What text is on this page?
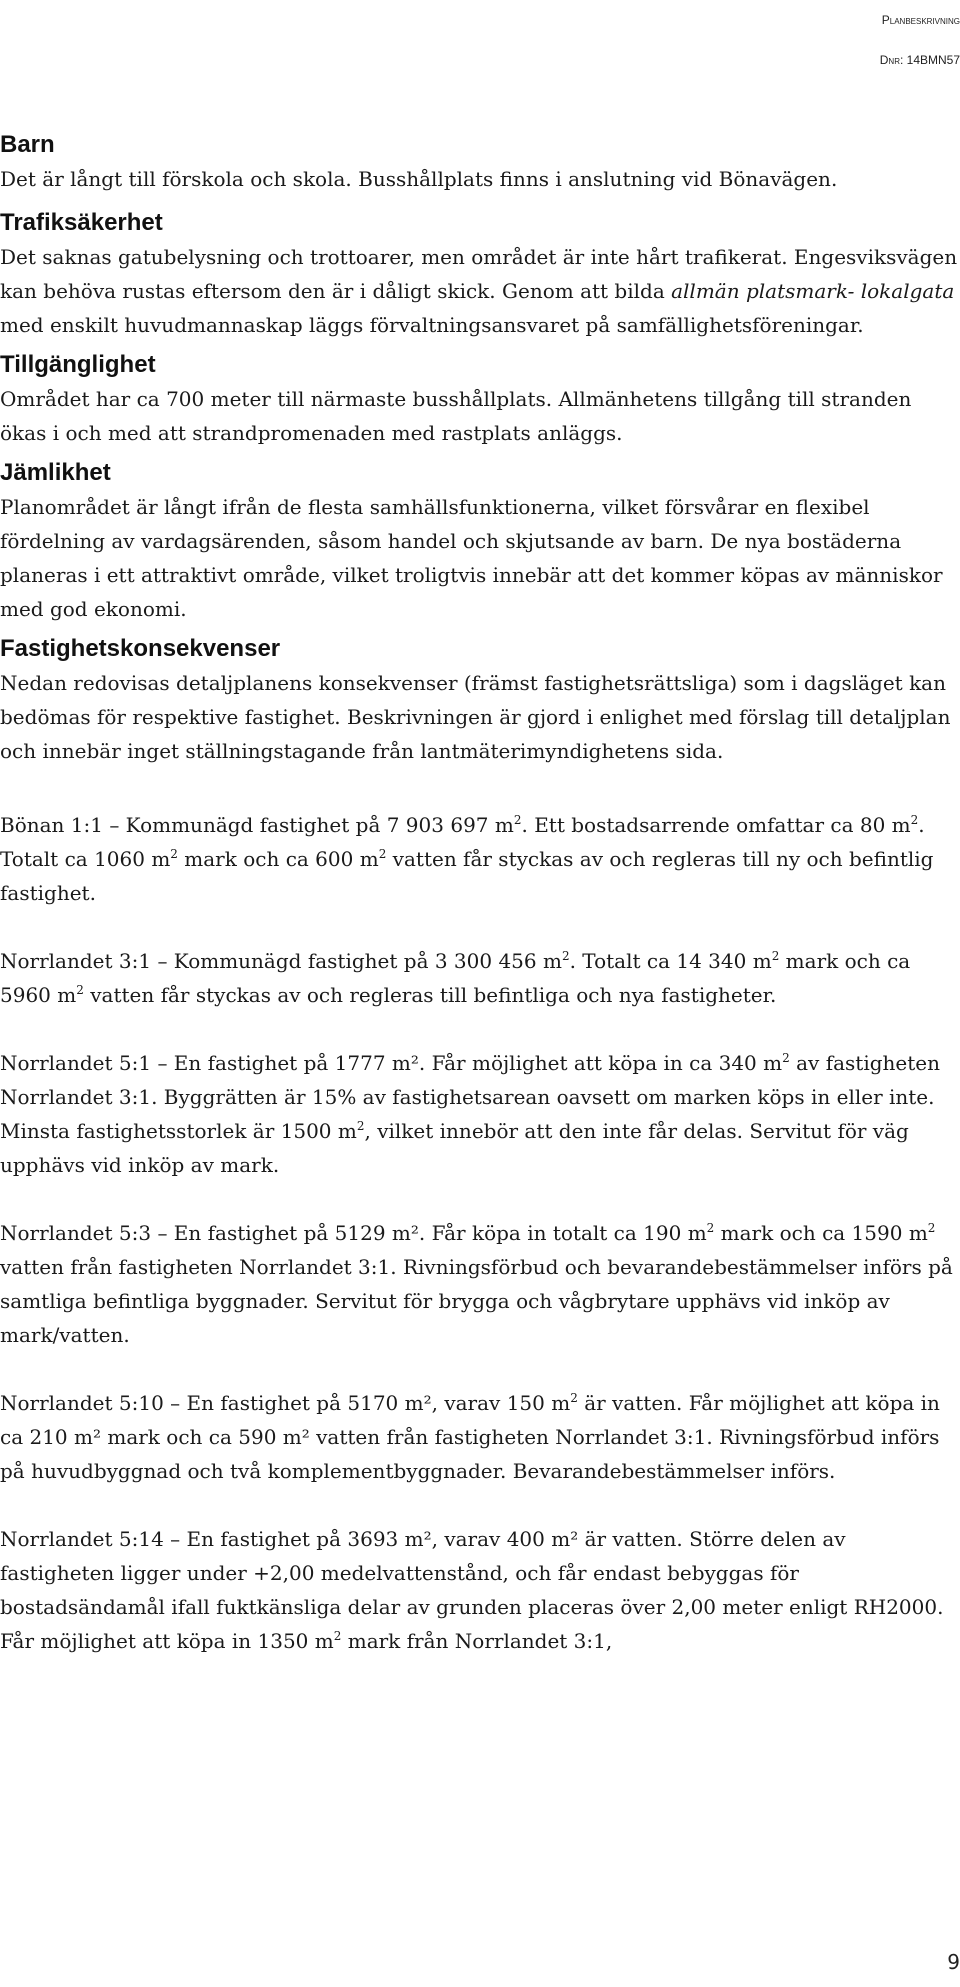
Planbeskrivning
Dnr: 14BMN57
Barn

Det är långt till förskola och skola. Busshållplats finns i anslutning vid Bönavägen.

Trafiksäkerhet

Det saknas gatubelysning och trottoarer, men området är inte hårt trafikerat. Engesviksvägen kan behöva rustas eftersom den är i dåligt skick. Genom att bilda allmän platsmark- lokalgata med enskilt huvudmannaskap läggs förvaltningsansvaret på samfällighetsföreningar.

Tillgänglighet

Området har ca 700 meter till närmaste busshållplats. Allmänhetens tillgång till stranden ökas i och med att strandpromenaden med rastplats anläggs.

Jämlikhet

Planområdet är långt ifrån de flesta samhällsfunktionerna, vilket försvårar en flexibel fördelning av vardagsärenden, såsom handel och skjutsande av barn. De nya bostäderna planeras i ett attraktivt område, vilket troligtvis innebär att det kommer köpas av människor med god ekonomi.

Fastighetskonsekvenser

Nedan redovisas detaljplanens konsekvenser (främst fastighetsrättsliga) som i dagsläget kan bedömas för respektive fastighet. Beskrivningen är gjord i enlighet med förslag till detaljplan och innebär inget ställningstagande från lantmäterimyndighetens sida.

Bönan 1:1 – Kommunägd fastighet på 7 903 697 $m^2$. Ett bostadsarrende omfattar ca 80 $m^2$. Totalt ca 1060 $m^2$ mark och ca 600 $m^2$ vatten får styckas av och regleras till ny och befintlig fastighet.

Norrlandet 3:1 – Kommunägd fastighet på 3 300 456 $m^2$. Totalt ca 14 340 $m^2$ mark och ca 5960 $m^2$ vatten får styckas av och regleras till befintliga och nya fastigheter.

Norrlandet 5:1 – En fastighet på 1777 m². Får möjlighet att köpa in ca 340 $m^2$ av fastigheten Norrlandet 3:1. Byggrätten är 15% av fastighetsarean oavsett om marken köps in eller inte. Minsta fastighetsstorlek är 1500 $m^2$, vilket innebör att den inte får delas. Servitut för väg upphävs vid inköp av mark.

Norrlandet 5:3 – En fastighet på 5129 m². Får köpa in totalt ca 190 $m^2$ mark och ca 1590 $m^2$ vatten från fastigheten Norrlandet 3:1. Rivningsförbud och bevarandebestämmelser införs på samtliga befintliga byggnader. Servitut för brygga och vågbrytare upphävs vid inköp av mark/vatten.

Norrlandet 5:10 – En fastighet på 5170 m², varav 150 $m^2$ är vatten. Får möjlighet att köpa in ca 210 m² mark och ca 590 m² vatten från fastigheten Norrlandet 3:1. Rivningsförbud införs på huvudbyggnad och två komplementbyggnader. Bevarandebestämmelser införs.

Norrlandet 5:14 – En fastighet på 3693 m², varav 400 m² är vatten. Större delen av fastigheten ligger under +2,00 medelvattenstånd, och får endast bebyggas för bostadsändamål ifall fuktkänsliga delar av grunden placeras över 2,00 meter enligt RH2000. Får möjlighet att köpa in 1350 $m^2$ mark från Norrlandet 3:1,

9
